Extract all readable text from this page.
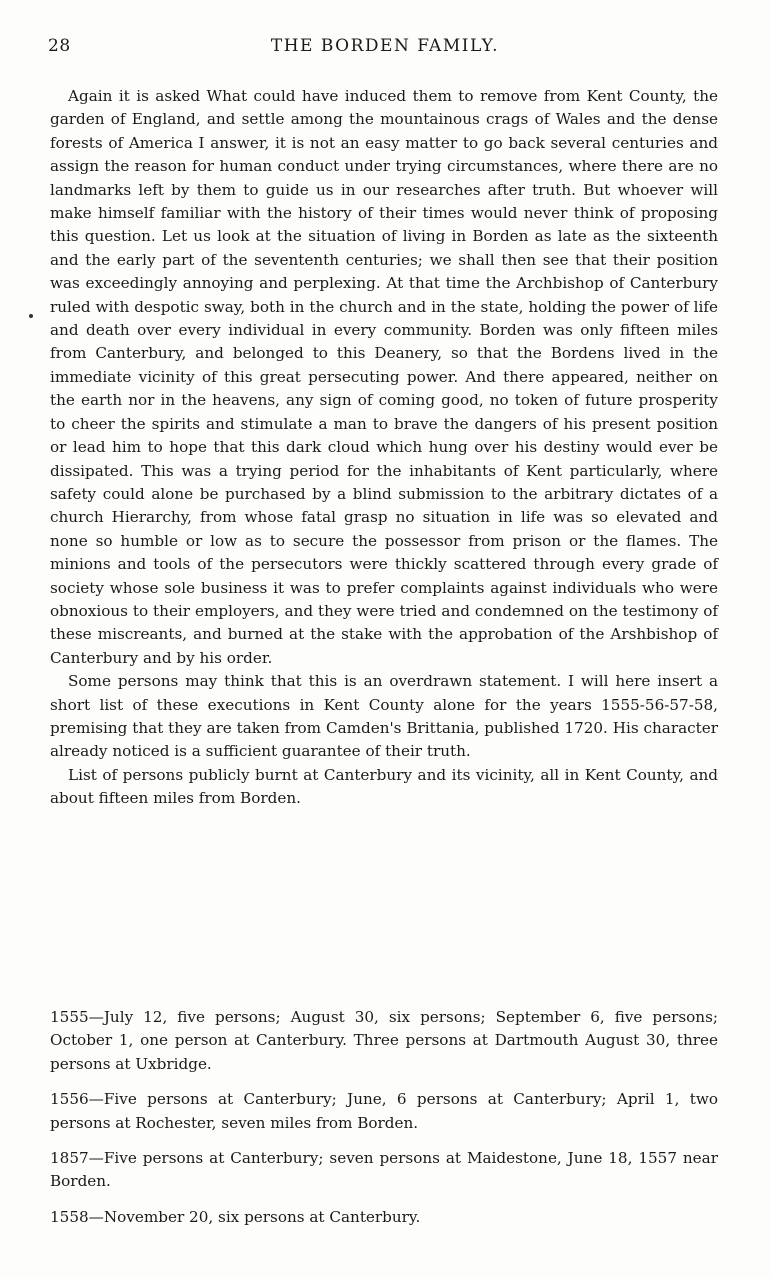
28	THE BORDEN FAMILY.

Again it is asked What could have induced them to remove from Kent County, the garden of England, and settle among the mountainous crags of Wales and the dense forests of America I answer, it is not an easy matter to go back several centuries and assign the reason for human conduct under trying circumstances, where there are no landmarks left by them to guide us in our researches after truth. But whoever will make himself familiar with the history of their times would never think of proposing this question. Let us look at the situation of living in Borden as late as the sixteenth and the early part of the sevententh centuries; we shall then see that their position was exceedingly annoying and perplexing. At that time the Archbishop of Canterbury ruled with despotic sway, both in the church and in the state, holding the power of life and death over every individual in every community. Borden was only fifteen miles from Canterbury, and belonged to this Deanery, so that the Bordens lived in the immediate vicinity of this great persecuting power. And there appeared, neither on the earth nor in the heavens, any sign of coming good, no token of future prosperity to cheer the spirits and stimulate a man to brave the dangers of his present position or lead him to hope that this dark cloud which hung over his destiny would ever be dissipated. This was a trying period for the inhabitants of Kent particularly, where safety could alone be purchased by a blind submission to the arbitrary dictates of a church Hierarchy, from whose fatal grasp no situation in life was so elevated and none so humble or low as to secure the possessor from prison or the flames. The minions and tools of the persecutors were thickly scattered through every grade of society whose sole business it was to prefer complaints against individuals who were obnoxious to their employers, and they were tried and condemned on the testimony of these miscreants, and burned at the stake with the approbation of the Arshbishop of Canterbury and by his order.

Some persons may think that this is an overdrawn statement. I will here insert a short list of these executions in Kent County alone for the years 1555-56-57-58, premising that they are taken from Camden's Brittania, published 1720. His character already noticed is a sufficient guarantee of their truth.

List of persons publicly burnt at Canterbury and its vicinity, all in Kent County, and about fifteen miles from Borden.

1555—July 12, five persons; August 30, six persons; September 6, five persons; October 1, one person at Canterbury. Three persons at Dartmouth August 30, three persons at Uxbridge.

1556—Five persons at Canterbury; June, 6 persons at Canterbury; April 1, two persons at Rochester, seven miles from Borden.

1857—Five persons at Canterbury; seven persons at Maidestone, June 18, 1557 near Borden.

1558—November 20, six persons at Canterbury.
